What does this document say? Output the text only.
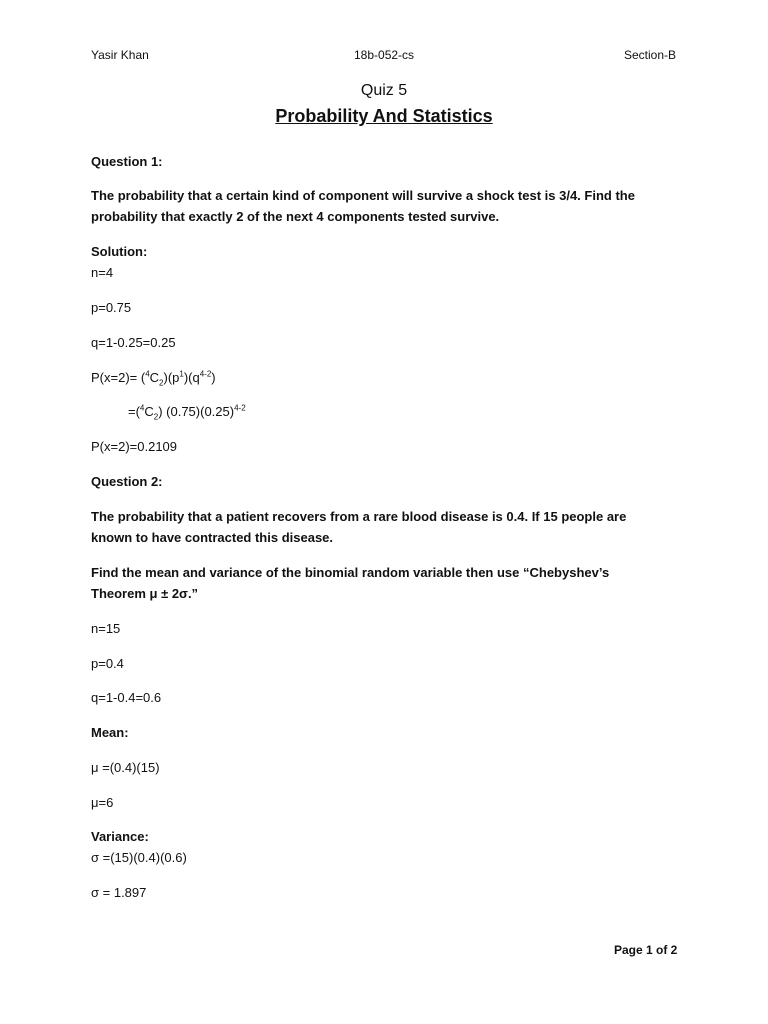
Yasir Khan	18b-052-cs	Section-B
Quiz 5
Probability And Statistics
Question 1:
The probability that a certain kind of component will survive a shock test is 3/4. Find the
probability that exactly 2 of the next 4 components tested survive.
Solution:
n=4
p=0.75
q=1-0.25=0.25
$P(x=2)= (^4C_2)(p^1)(q^{4-2})$
$=(^4C_2)$ $(0.75)(0.25)^{4-2}$
P(x=2)=0.2109
Question 2:
The probability that a patient recovers from a rare blood disease is 0.4. If 15 people are
known to have contracted this disease.
Find the mean and variance of the binomial random variable then use “Chebyshev’s
Theorem μ ± 2σ.”
n=15
p=0.4
q=1-0.4=0.6
Mean:
μ =(0.4)(15)
μ=6
Variance:
σ =(15)(0.4)(0.6)
σ = 1.897
Page 1 of 2
